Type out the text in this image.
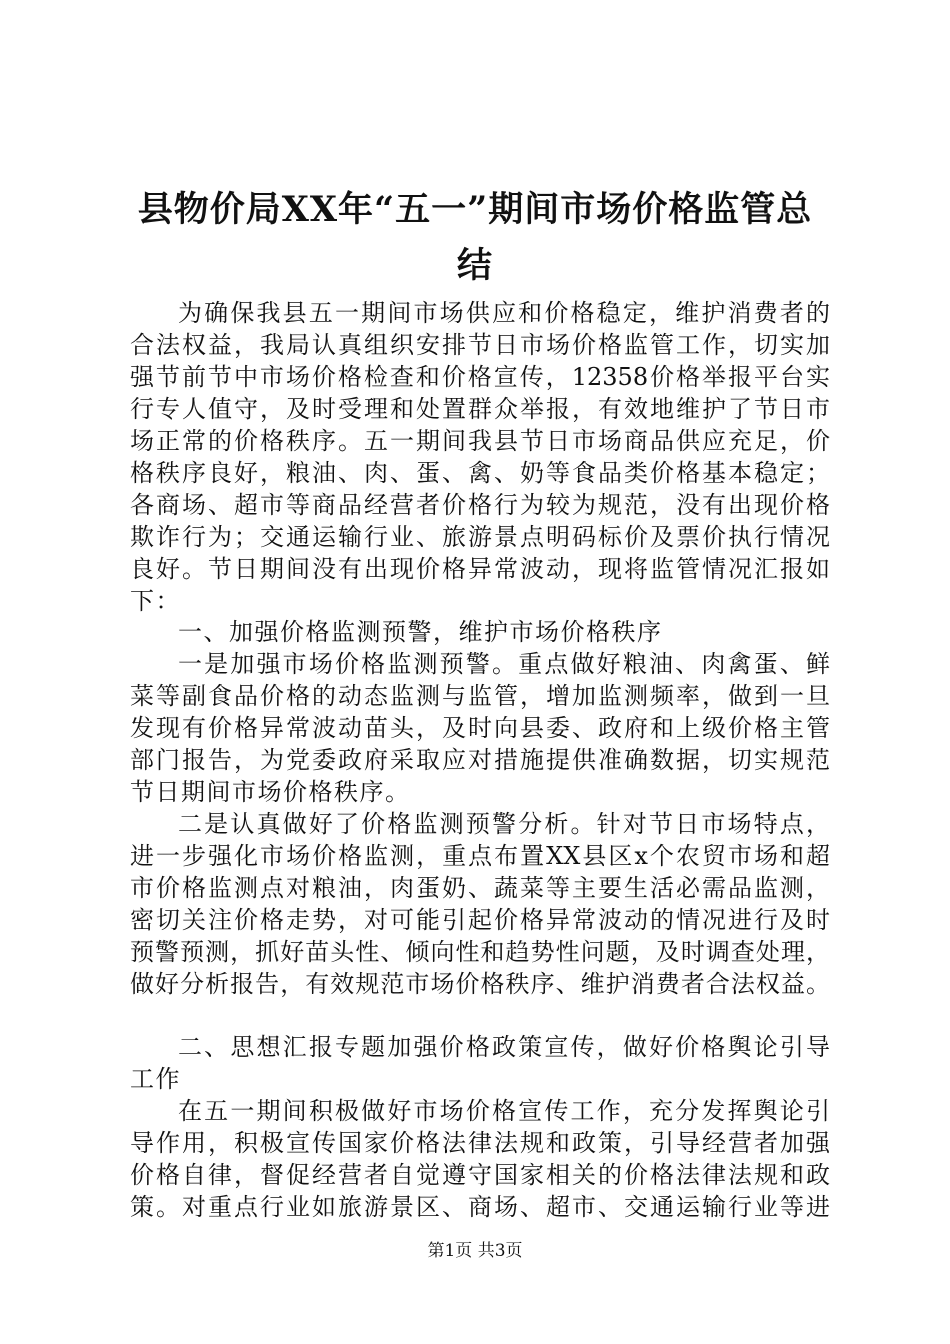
县物价局XX年“五一”期间市场价格监管总
结
为确保我县五一期间市场供应和价格稳定，维护消费者的
合法权益，我局认真组织安排节日市场价格监管工作，切实加
强节前节中市场价格检查和价格宣传，12358价格举报平台实
行专人值守，及时受理和处置群众举报，有效地维护了节日市
场正常的价格秩序。五一期间我县节日市场商品供应充足，价
格秩序良好，粮油、肉、蛋、禽、奶等食品类价格基本稳定；
各商场、超市等商品经营者价格行为较为规范，没有出现价格
欺诈行为；交通运输行业、旅游景点明码标价及票价执行情况
良好。节日期间没有出现价格异常波动，现将监管情况汇报如
下：
一、加强价格监测预警，维护市场价格秩序
一是加强市场价格监测预警。重点做好粮油、肉禽蛋、鲜
菜等副食品价格的动态监测与监管，增加监测频率，做到一旦
发现有价格异常波动苗头，及时向县委、政府和上级价格主管
部门报告，为党委政府采取应对措施提供准确数据，切实规范
节日期间市场价格秩序。
二是认真做好了价格监测预警分析。针对节日市场特点，
进一步强化市场价格监测，重点布置XX县区x个农贸市场和超
市价格监测点对粮油，肉蛋奶、蔬菜等主要生活必需品监测，
密切关注价格走势，对可能引起价格异常波动的情况进行及时
预警预测，抓好苗头性、倾向性和趋势性问题，及时调查处理，
做好分析报告，有效规范市场价格秩序、维护消费者合法权益。
二、思想汇报专题加强价格政策宣传，做好价格舆论引导
工作
在五一期间积极做好市场价格宣传工作，充分发挥舆论引
导作用，积极宣传国家价格法律法规和政策，引导经营者加强
价格自律，督促经营者自觉遵守国家相关的价格法律法规和政
策。对重点行业如旅游景区、商场、超市、交通运输行业等进
第1页 共3页
